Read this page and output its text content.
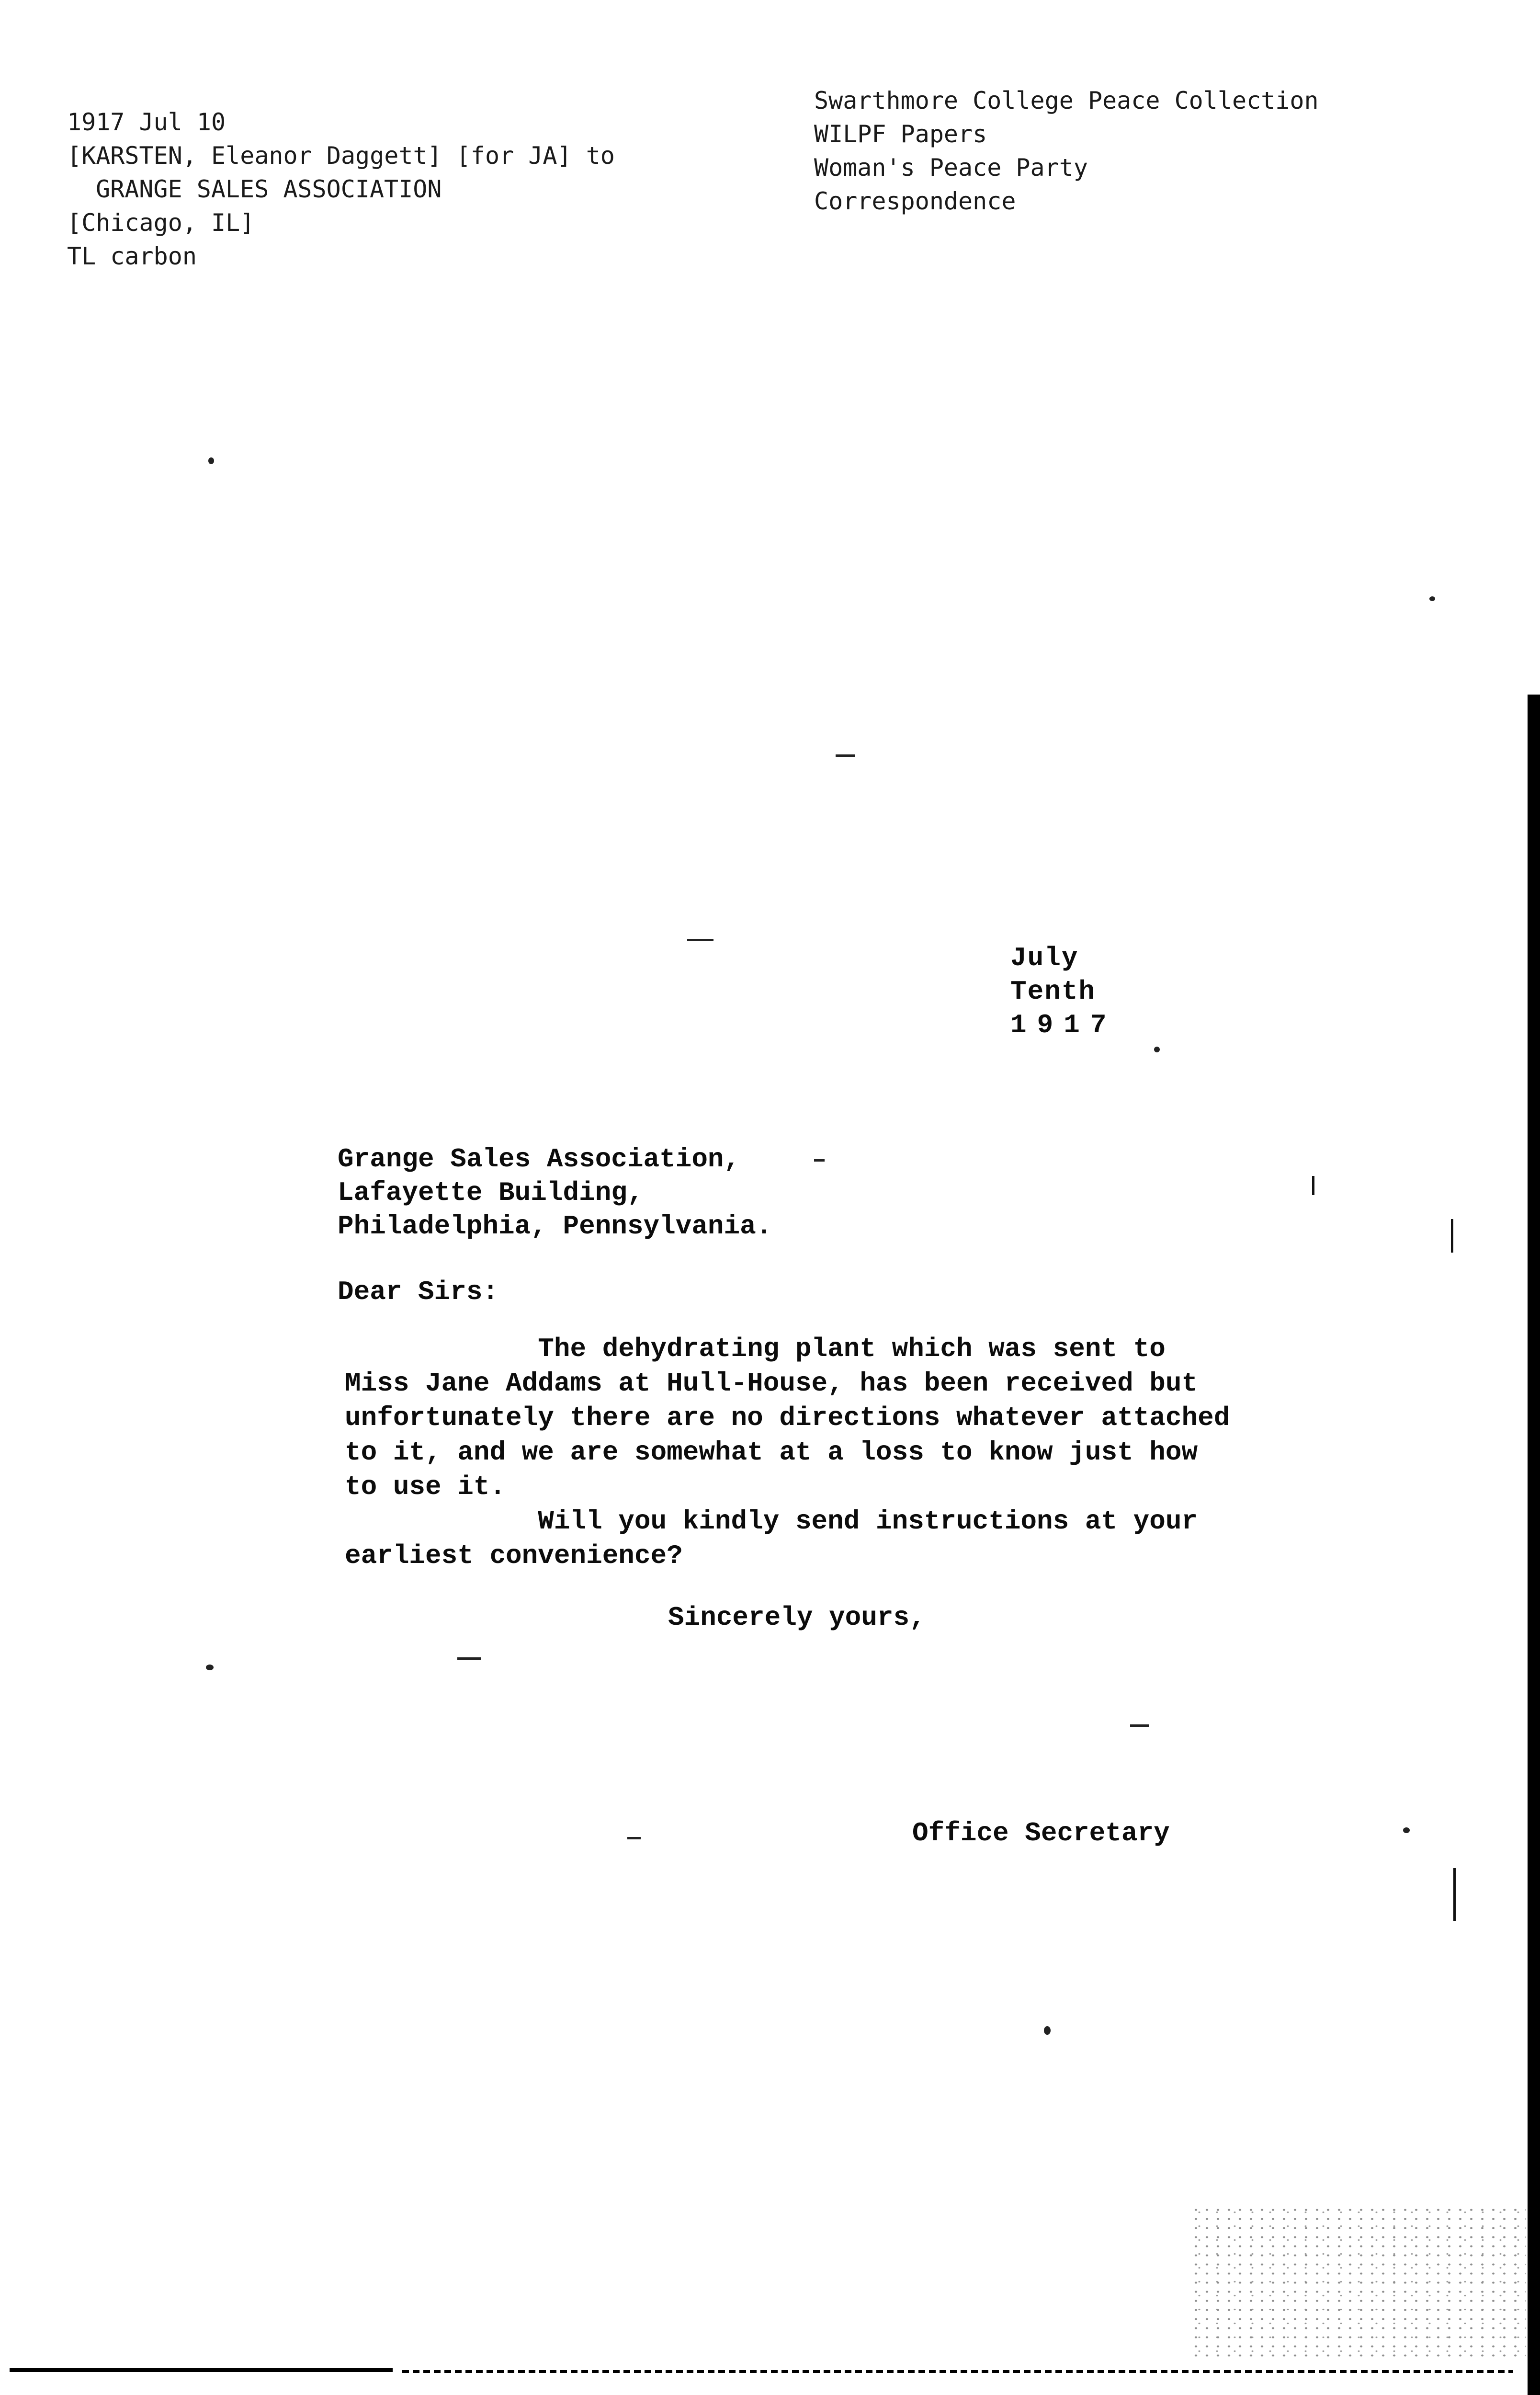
1917 Jul 10
[KARSTEN, Eleanor Daggett] [for JA] to
GRANGE SALES ASSOCIATION
[Chicago, IL]
TL carbon
Swarthmore College Peace Collection
WILPF Papers
Woman's Peace Party
Correspondence
July
Tenth
1917
Grange Sales Association,
Lafayette Building,
Philadelphia, Pennsylvania.
Dear Sirs:
The dehydrating plant which was sent to
Miss Jane Addams at Hull-House, has been received but
unfortunately there are no directions whatever attached
to it, and we are somewhat at a loss to know just how
to use it.
Will you kindly send instructions at your
earliest convenience?
Sincerely yours,
Office Secretary
